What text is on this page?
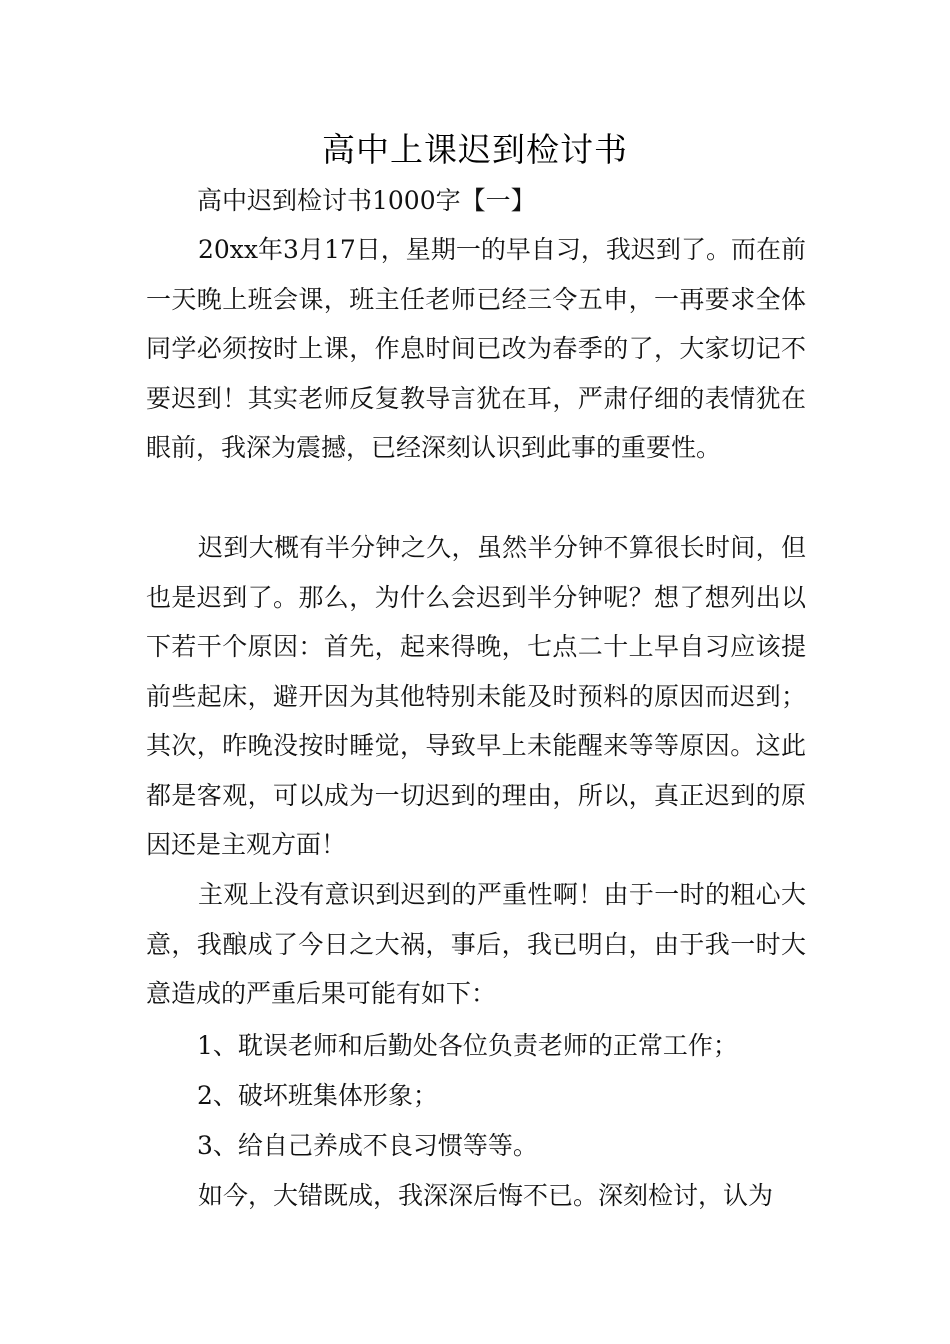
高中上课迟到检讨书

高中迟到检讨书1000字【一】

20xx年3月17日，星期一的早自习，我迟到了。而在前一天晚上班会课，班主任老师已经三令五申，一再要求全体同学必须按时上课，作息时间已改为春季的了，大家切记不要迟到！其实老师反复教导言犹在耳，严肃仔细的表情犹在眼前，我深为震撼，已经深刻认识到此事的重要性。

迟到大概有半分钟之久，虽然半分钟不算很长时间，但也是迟到了。那么，为什么会迟到半分钟呢？想了想列出以下若干个原因：首先，起来得晚，七点二十上早自习应该提前些起床，避开因为其他特别未能及时预料的原因而迟到；其次，昨晚没按时睡觉，导致早上未能醒来等等原因。这此都是客观，可以成为一切迟到的理由，所以，真正迟到的原因还是主观方面！

主观上没有意识到迟到的严重性啊！由于一时的粗心大意，我酿成了今日之大祸，事后，我已明白，由于我一时大意造成的严重后果可能有如下：

1、耽误老师和后勤处各位负责老师的正常工作；

2、破坏班集体形象；

3、给自己养成不良习惯等等。

如今，大错既成，我深深后悔不已。深刻检讨，认为
